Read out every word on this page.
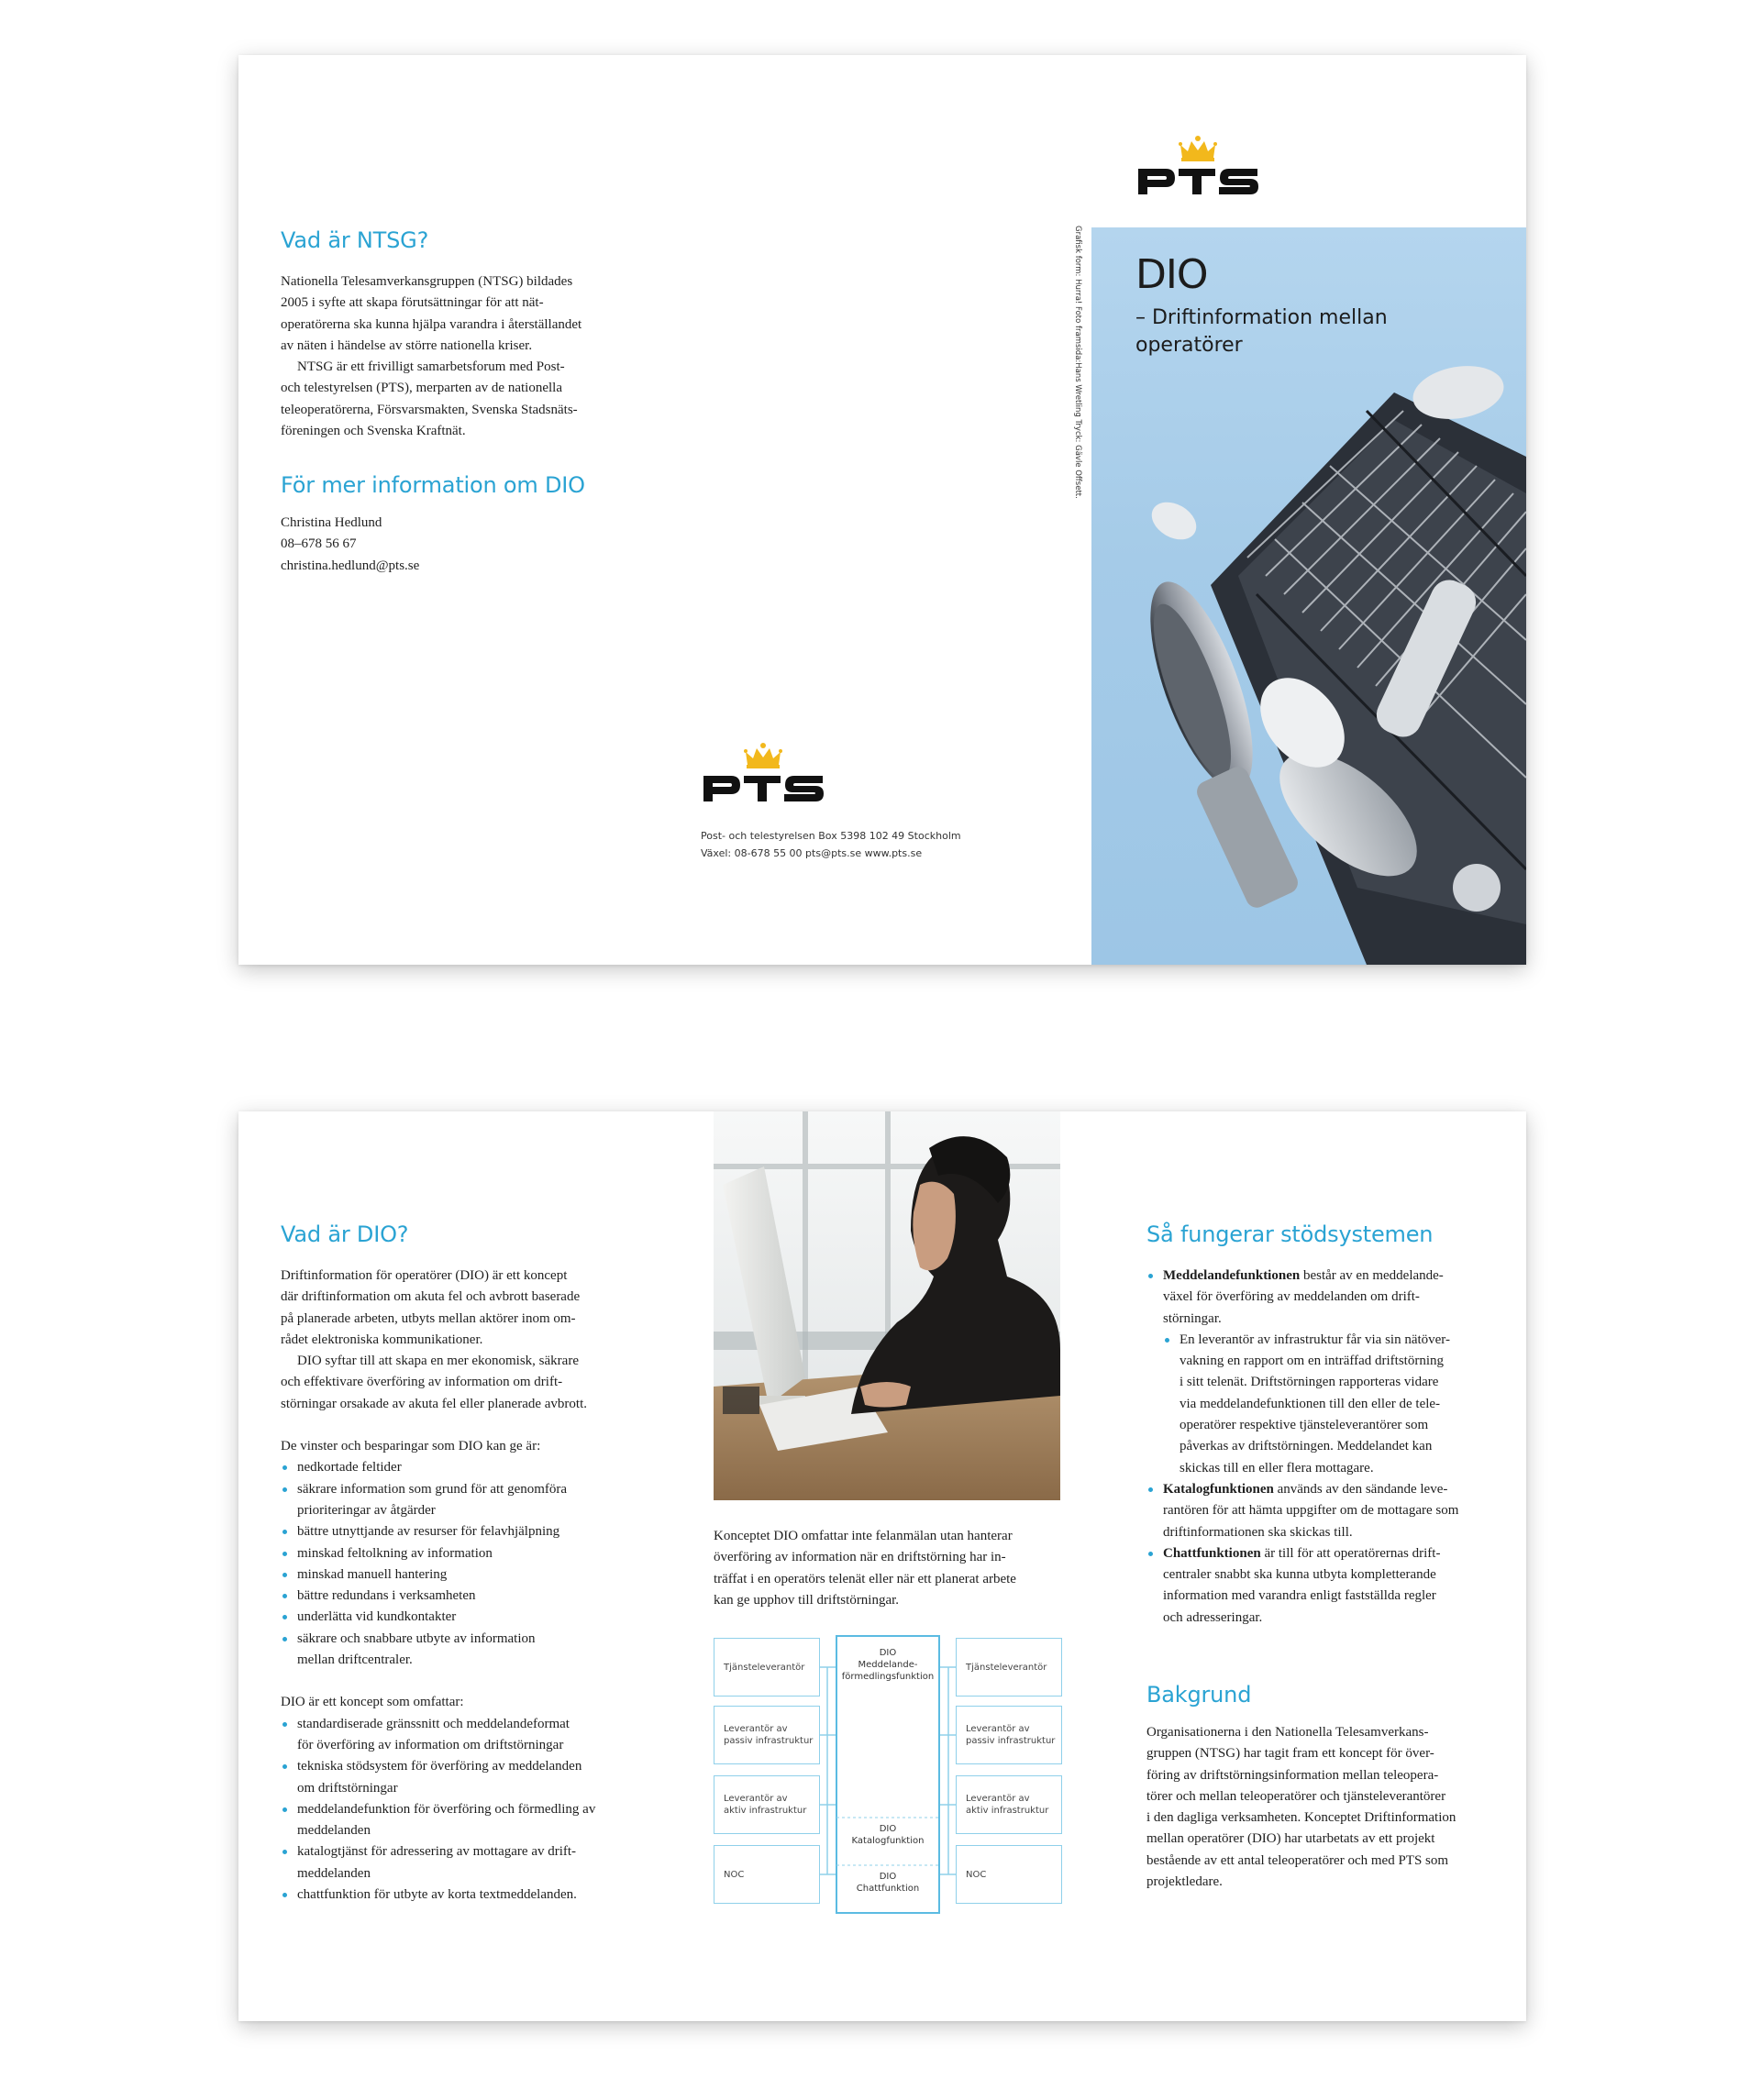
Vad är NTSG?

Nationella Telesamverkansgruppen (NTSG) bildades

2005 i syfte att skapa förutsättningar för att nät-

operatörerna ska kunna hjälpa varandra i återställandet

av näten i händelse av större nationella kriser.

NTSG är ett frivilligt samarbetsforum med Post-

och telestyrelsen (PTS), merparten av de nationella

teleoperatörerna, Försvarsmakten, Svenska Stadsnäts-

föreningen och Svenska Kraftnät.

För mer information om DIO

Christina Hedlund

08–678 56 67

christina.hedlund@pts.se

Post- och telestyrelsen Box 5398 102 49 Stockholm
Växel: 08-678 55 00 pts@pts.se www.pts.se
Grafisk form: Hurra! Foto framsida:Hans Wretling Tryck: Gävle Offsett. DIO

– Driftinformation mellan operatörer

Vad är DIO?

Driftinformation för operatörer (DIO) är ett koncept

där driftinformation om akuta fel och avbrott baserade

på planerade arbeten, utbyts mellan aktörer inom om-

rådet elektroniska kommunikationer.

DIO syftar till att skapa en mer ekonomisk, säkrare

och effektivare överföring av information om drift-

störningar orsakade av akuta fel eller planerade avbrott.

De vinster och besparingar som DIO kan ge är:

nedkortade feltider
säkrare information som grund för att genomföra
prioriteringar av åtgärder
bättre utnyttjande av resurser för felavhjälpning
minskad feltolkning av information
minskad manuell hantering
bättre redundans i verksamheten
underlätta vid kundkontakter
säkrare och snabbare utbyte av information
mellan driftcentraler.

DIO är ett koncept som omfattar:

standardiserade gränssnitt och meddelandeformat
för överföring av information om driftstörningar
tekniska stödsystem för överföring av meddelanden
om driftstörningar
meddelandefunktion för överföring och förmedling av
meddelanden
katalogtjänst för adressering av mottagare av drift-
meddelanden
chattfunktion för utbyte av korta textmeddelanden.

Konceptet DIO omfattar inte felanmälan utan hanterar

överföring av information när en driftstörning har in-

träffat i en operatörs telenät eller när ett planerat arbete

kan ge upphov till driftstörningar.

Tjänsteleverantör
Leverantör av
passiv infrastruktur
Leverantör av
aktiv infrastruktur
NOC
Tjänsteleverantör
Leverantör av
passiv infrastruktur
Leverantör av
aktiv infrastruktur
NOC
DIO
Meddelande-
förmedlingsfunktion
DIO
Katalogfunktion
DIO
Chattfunktion
Så fungerar stödsystemen
Meddelandefunktionen består av en meddelande-
växel för överföring av meddelanden om drift-
störningar.
En leverantör av infrastruktur får via sin nätöver-
vakning en rapport om en inträffad driftstörning
i sitt telenät. Driftstörningen rapporteras vidare
via meddelandefunktionen till den eller de tele-
operatörer respektive tjänsteleverantörer som
påverkas av driftstörningen. Meddelandet kan
skickas till en eller flera mottagare.
Katalogfunktionen används av den sändande leve-
rantören för att hämta uppgifter om de mottagare som
driftinformationen ska skickas till.
Chattfunktionen är till för att operatörernas drift-
centraler snabbt ska kunna utbyta kompletterande
information med varandra enligt fastställda regler
och adresseringar.
Bakgrund

Organisationerna i den Nationella Telesamverkans-

gruppen (NTSG) har tagit fram ett koncept för över-

föring av driftstörningsinformation mellan teleopera-

törer och mellan teleoperatörer och tjänsteleverantörer

i den dagliga verksamheten. Konceptet Driftinformation

mellan operatörer (DIO) har utarbetats av ett projekt

bestående av ett antal teleoperatörer och med PTS som

projektledare.
